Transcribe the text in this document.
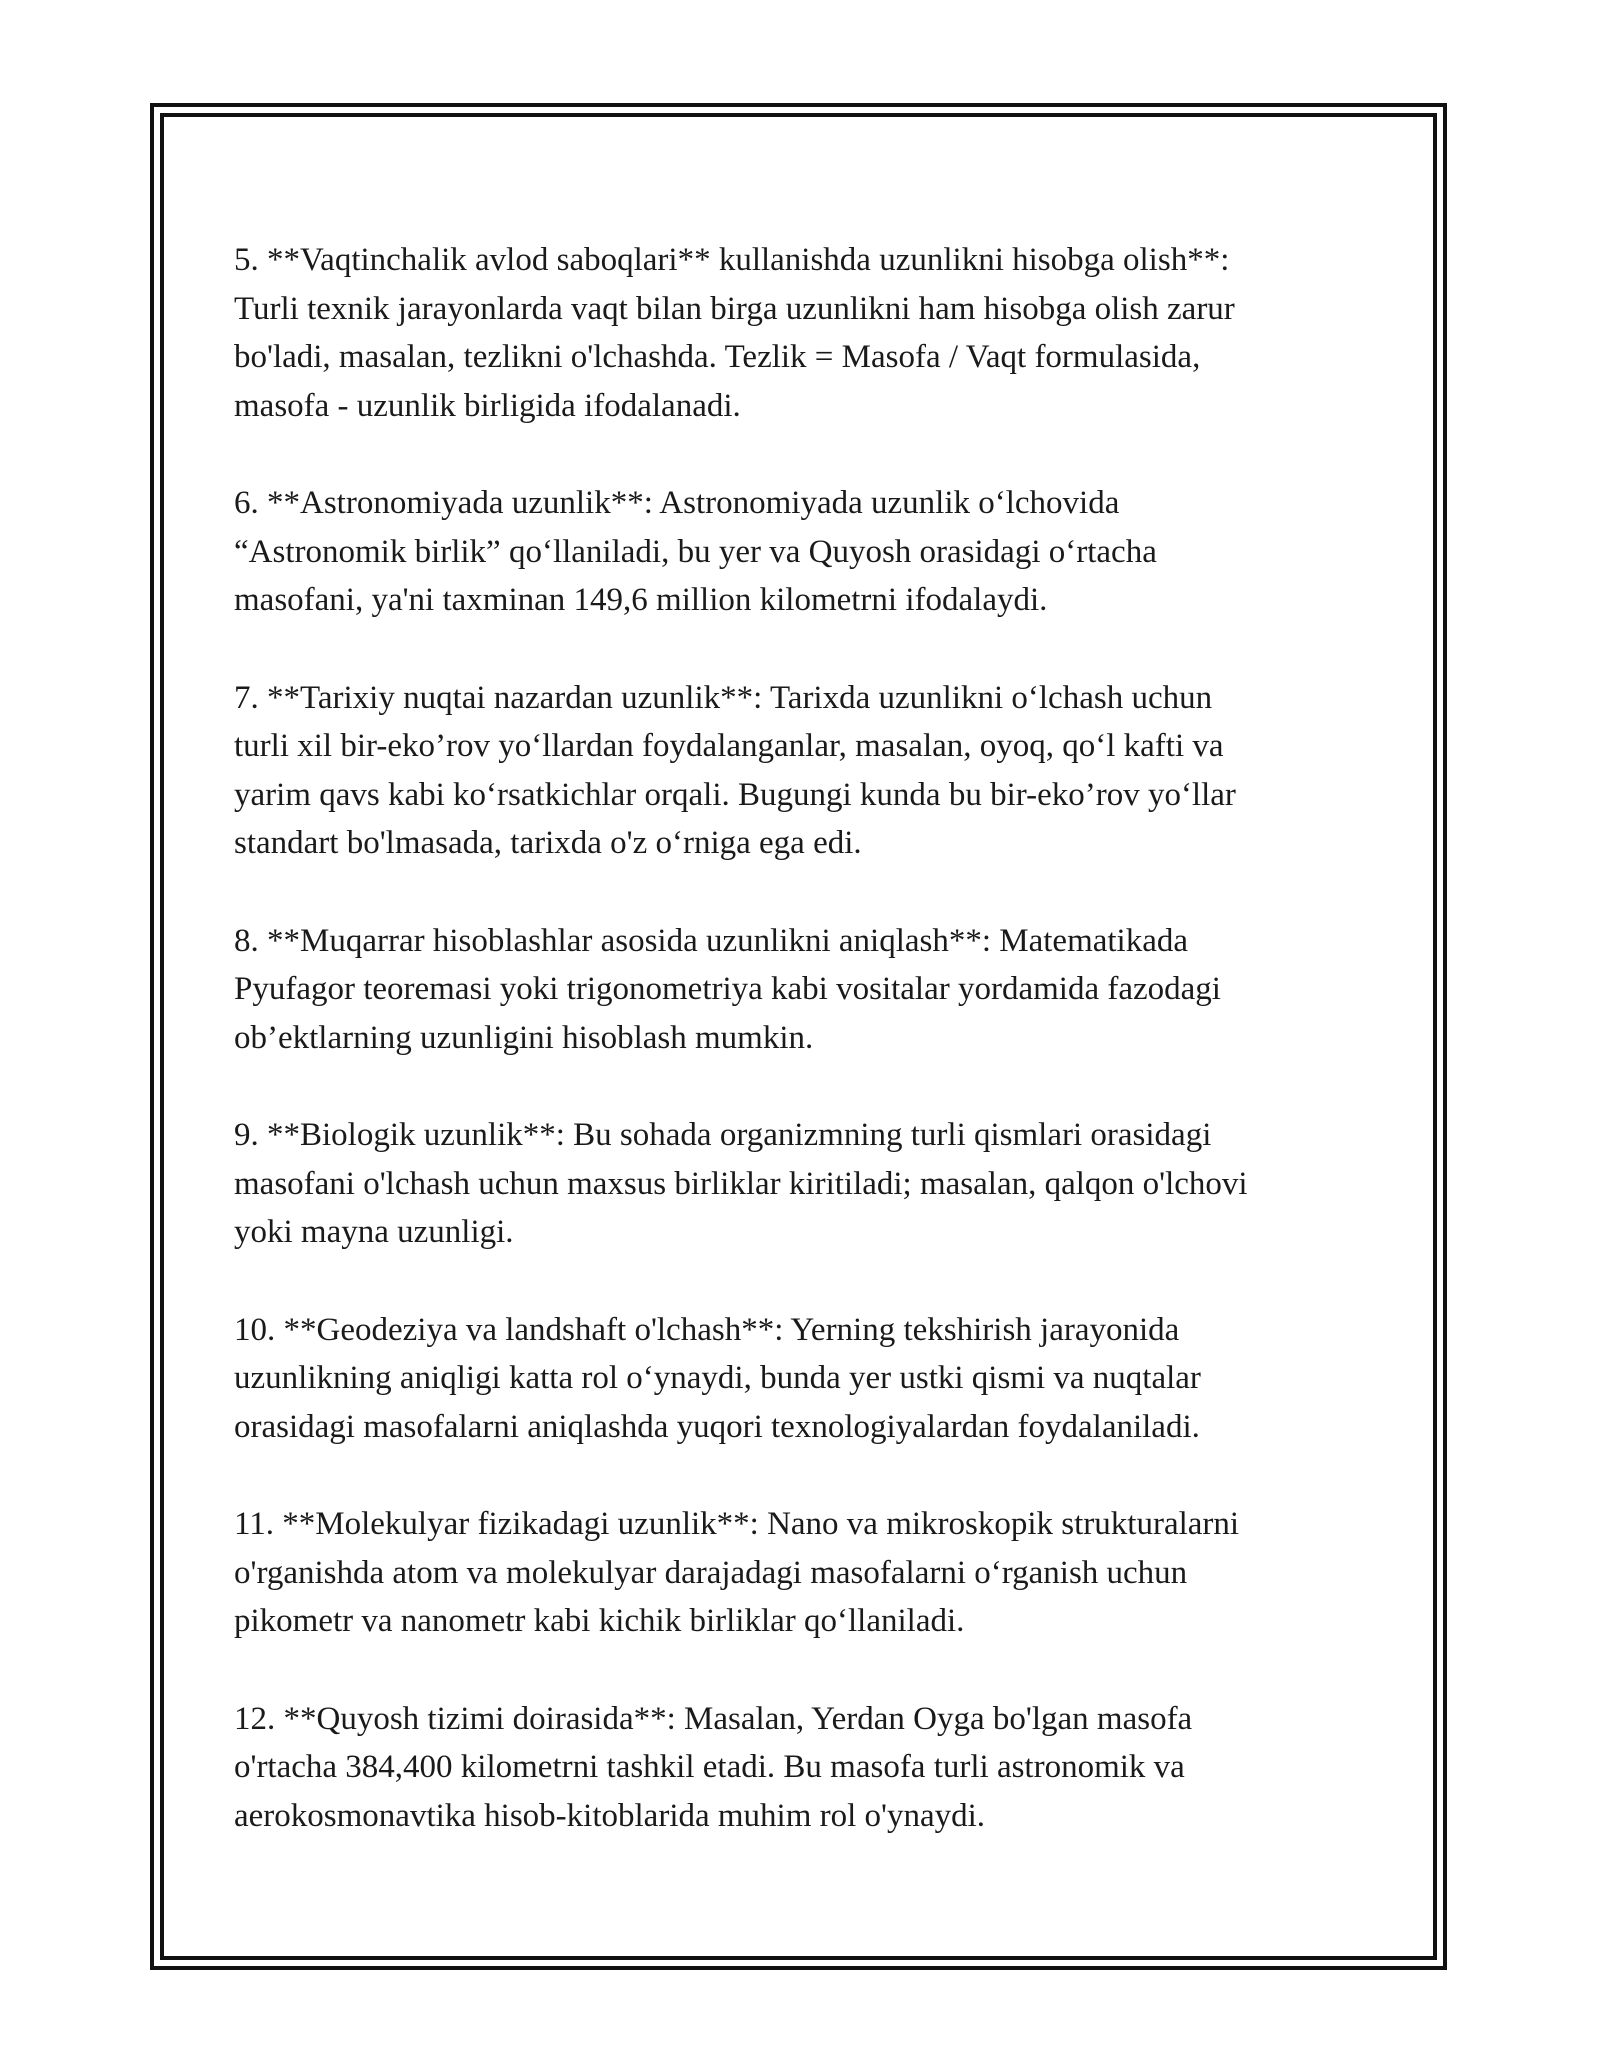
5. **Vaqtinchalik avlod saboqlari** kullanishda uzunlikni hisobga olish**:
Turli texnik jarayonlarda vaqt bilan birga uzunlikni ham hisobga olish zarur
bo'ladi, masalan, tezlikni o'lchashda. Tezlik = Masofa / Vaqt formulasida,
masofa - uzunlik birligida ifodalanadi.

6. **Astronomiyada uzunlik**: Astronomiyada uzunlik o‘lchovida
“Astronomik birlik” qo‘llaniladi, bu yer va Quyosh orasidagi o‘rtacha
masofani, ya'ni taxminan 149,6 million kilometrni ifodalaydi.

7. **Tarixiy nuqtai nazardan uzunlik**: Tarixda uzunlikni o‘lchash uchun
turli xil bir-eko’rov yo‘llardan foydalanganlar, masalan, oyoq, qo‘l kafti va
yarim qavs kabi ko‘rsatkichlar orqali. Bugungi kunda bu bir-eko’rov yo‘llar
standart bo'lmasada, tarixda o'z o‘rniga ega edi.

8. **Muqarrar hisoblashlar asosida uzunlikni aniqlash**: Matematikada
Pyufagor teoremasi yoki trigonometriya kabi vositalar yordamida fazodagi
ob’ektlarning uzunligini hisoblash mumkin.

9. **Biologik uzunlik**: Bu sohada organizmning turli qismlari orasidagi
masofani o'lchash uchun maxsus birliklar kiritiladi; masalan, qalqon o'lchovi
yoki mayna uzunligi.

10. **Geodeziya va landshaft o'lchash**: Yerning tekshirish jarayonida
uzunlikning aniqligi katta rol o‘ynaydi, bunda yer ustki qismi va nuqtalar
orasidagi masofalarni aniqlashda yuqori texnologiyalardan foydalaniladi.

11. **Molekulyar fizikadagi uzunlik**: Nano va mikroskopik strukturalarni
o'rganishda atom va molekulyar darajadagi masofalarni o‘rganish uchun
pikometr va nanometr kabi kichik birliklar qo‘llaniladi.

12. **Quyosh tizimi doirasida**: Masalan, Yerdan Oyga bo'lgan masofa
o'rtacha 384,400 kilometrni tashkil etadi. Bu masofa turli astronomik va
aerokosmonavtika hisob-kitoblarida muhim rol o'ynaydi.
